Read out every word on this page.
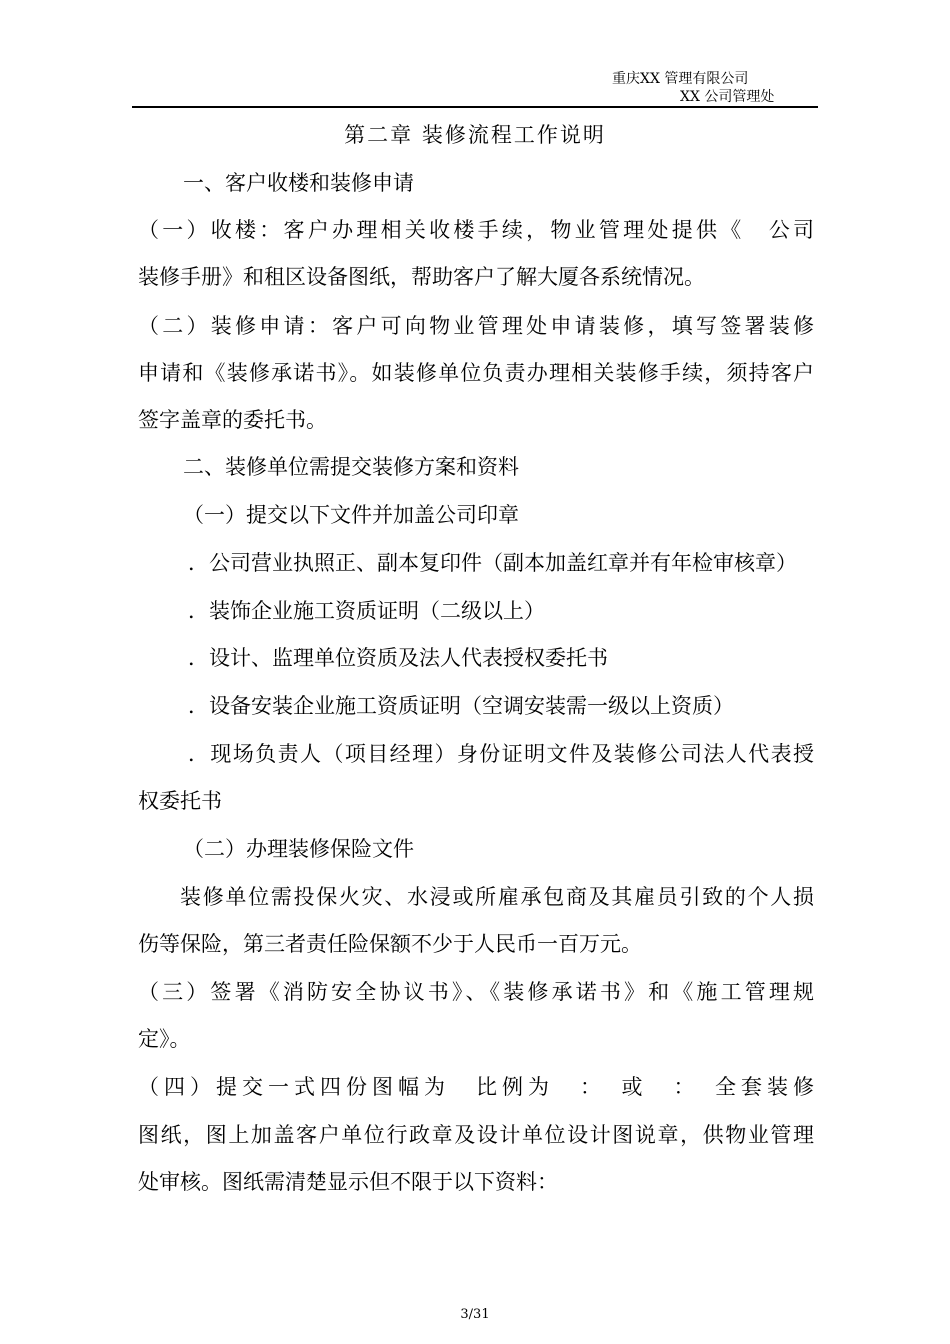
重庆XX 管理有限公司
XX 公司管理处
第二章 装修流程工作说明
一、客户收楼和装修申请
（一）收楼：客户办理相关收楼手续，物业管理处提供《　公司
装修手册》和租区设备图纸，帮助客户了解大厦各系统情况。
（二）装修申请：客户可向物业管理处申请装修，填写签署装修
申请和《装修承诺书》。如装修单位负责办理相关装修手续，须持客户
签字盖章的委托书。
二、装修单位需提交装修方案和资料
（一）提交以下文件并加盖公司印章
．公司营业执照正、副本复印件（副本加盖红章并有年检审核章）
．装饰企业施工资质证明（二级以上）
．设计、监理单位资质及法人代表授权委托书
．设备安装企业施工资质证明（空调安装需一级以上资质）
．现场负责人（项目经理）身份证明文件及装修公司法人代表授
权委托书
（二）办理装修保险文件
装修单位需投保火灾、水浸或所雇承包商及其雇员引致的个人损
伤等保险，第三者责任险保额不少于人民币一百万元。
（三）签署《消防安全协议书》、《装修承诺书》和《施工管理规
定》。
（四）提交一式四份图幅为　比例为　：　或　：　全套装修
图纸，图上加盖客户单位行政章及设计单位设计图说章，供物业管理
处审核。图纸需清楚显示但不限于以下资料：
3/31
